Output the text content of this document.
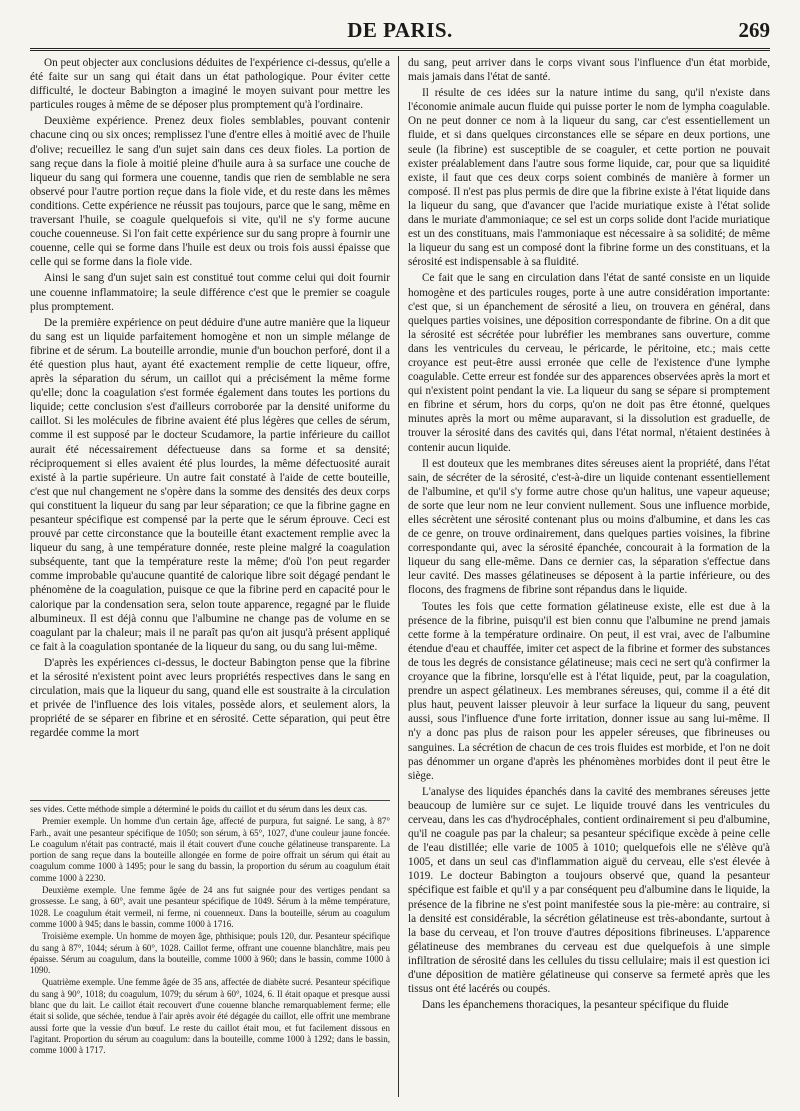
DE PARIS.	269

On peut objecter aux conclusions déduites de l'expérience ci-dessus, qu'elle a été faite sur un sang qui était dans un état pathologique. Pour éviter cette difficulté, le docteur Babington a imaginé le moyen suivant pour mettre les particules rouges à même de se déposer plus promptement qu'à l'ordinaire.

Deuxième expérience. Prenez deux fioles semblables, pouvant contenir chacune cinq ou six onces; remplissez l'une d'entre elles à moitié avec de l'huile d'olive; recueillez le sang d'un sujet sain dans ces deux fioles. La portion de sang reçue dans la fiole à moitié pleine d'huile aura à sa surface une couche de liqueur du sang qui formera une couenne, tandis que rien de semblable ne sera observé pour l'autre portion reçue dans la fiole vide, et du reste dans les mêmes conditions. Cette expérience ne réussit pas toujours, parce que le sang, même en traversant l'huile, se coagule quelquefois si vite, qu'il ne s'y forme aucune couche couenneuse. Si l'on fait cette expérience sur du sang propre à fournir une couenne, celle qui se forme dans l'huile est deux ou trois fois aussi épaisse que celle qui se forme dans la fiole vide.

Ainsi le sang d'un sujet sain est constitué tout comme celui qui doit fournir une couenne inflammatoire; la seule différence c'est que le premier se coagule plus promptement.

De la première expérience on peut déduire d'une autre manière que la liqueur du sang est un liquide parfaitement homogène et non un simple mélange de fibrine et de sérum. La bouteille arrondie, munie d'un bouchon perforé, dont il a été question plus haut, ayant été exactement remplie de cette liqueur, offre, après la séparation du sérum, un caillot qui a précisément la même forme qu'elle; donc la coagulation s'est formée également dans toutes les portions du liquide; cette conclusion s'est d'ailleurs corroborée par la densité uniforme du caillot. Si les molécules de fibrine avaient été plus légères que celles de sérum, comme il est supposé par le docteur Scudamore, la partie inférieure du caillot aurait été nécessairement défectueuse dans sa forme et sa densité; réciproquement si elles avaient été plus lourdes, la même défectuosité aurait existé à la partie supérieure. Un autre fait constaté à l'aide de cette bouteille, c'est que nul changement ne s'opère dans la somme des densités des deux corps qui constituent la liqueur du sang par leur séparation; ce que la fibrine gagne en pesanteur spécifique est compensé par la perte que le sérum éprouve. Ceci est prouvé par cette circonstance que la bouteille étant exactement remplie avec la liqueur du sang, à une température donnée, reste pleine malgré la coagulation subséquente, tant que la température reste la même; d'où l'on peut regarder comme improbable qu'aucune quantité de calorique libre soit dégagé pendant le phénomène de la coagulation, puisque ce que la fibrine perd en capacité pour le calorique par la condensation sera, selon toute apparence, regagné par le fluide albumineux. Il est déjà connu que l'albumine ne change pas de volume en se coagulant par la chaleur; mais il ne paraît pas qu'on ait jusqu'à présent appliqué ce fait à la coagulation spontanée de la liqueur du sang, ou du sang lui-même.

D'après les expériences ci-dessus, le docteur Babington pense que la fibrine et la sérosité n'existent point avec leurs propriétés respectives dans le sang en circulation, mais que la liqueur du sang, quand elle est soustraite à la circulation et privée de l'influence des lois vitales, possède alors, et seulement alors, la propriété de se séparer en fibrine et en sérosité. Cette séparation, qui peut être regardée comme la mort

ses vides. Cette méthode simple a déterminé le poids du caillot et du sérum dans les deux cas.

Premier exemple. Un homme d'un certain âge, affecté de purpura, fut saigné. Le sang, à 87° Farh., avait une pesanteur spécifique de 1050; son sérum, à 65°, 1027, d'une couleur jaune foncée. Le coagulum n'était pas contracté, mais il était couvert d'une couche gélatineuse transparente. La portion de sang reçue dans la bouteille allongée en forme de poire offrait un sérum qui était au coagulum comme 1000 à 1495; pour le sang du bassin, la proportion du sérum au coagulum était comme 1000 à 2230.

Deuxième exemple. Une femme âgée de 24 ans fut saignée pour des vertiges pendant sa grossesse. Le sang, à 60°, avait une pesanteur spécifique de 1049. Sérum à la même température, 1028. Le coagulum était vermeil, ni ferme, ni couenneux. Dans la bouteille, sérum au coagulum comme 1000 à 945; dans le bassin, comme 1000 à 1716.

Troisième exemple. Un homme de moyen âge, phthisique; pouls 120, dur. Pesanteur spécifique du sang à 87°, 1044; sérum à 60°, 1028. Caillot ferme, offrant une couenne blanchâtre, mais peu épaisse. Sérum au coagulum, dans la bouteille, comme 1000 à 960; dans le bassin, comme 1000 à 1090.

Quatrième exemple. Une femme âgée de 35 ans, affectée de diabète sucré. Pesanteur spécifique du sang à 90°, 1018; du coagulum, 1079; du sérum à 60°, 1024, 6. Il était opaque et presque aussi blanc que du lait. Le caillot était recouvert d'une couenne blanche remarquablement ferme; elle était si solide, que séchée, tendue à l'air après avoir été dégagée du caillot, elle offrit une membrane aussi forte que la vessie d'un bœuf. Le reste du caillot était mou, et fut facilement dissous en l'agitant. Proportion du sérum au coagulum: dans la bouteille, comme 1000 à 1292; dans le bassin, comme 1000 à 1717.

du sang, peut arriver dans le corps vivant sous l'influence d'un état morbide, mais jamais dans l'état de santé.

Il résulte de ces idées sur la nature intime du sang, qu'il n'existe dans l'économie animale aucun fluide qui puisse porter le nom de lympha coagulable. On ne peut donner ce nom à la liqueur du sang, car c'est essentiellement un fluide, et si dans quelques circonstances elle se sépare en deux portions, une seule (la fibrine) est susceptible de se coaguler, et cette portion ne pouvait exister préalablement dans l'autre sous forme liquide, car, pour que sa liquidité existe, il faut que ces deux corps soient combinés de manière à former un composé. Il n'est pas plus permis de dire que la fibrine existe à l'état liquide dans la liqueur du sang, que d'avancer que l'acide muriatique existe à l'état solide dans le muriate d'ammoniaque; ce sel est un corps solide dont l'acide muriatique est un des constituans, mais l'ammoniaque est nécessaire à sa solidité; de même la liqueur du sang est un composé dont la fibrine forme un des constituans, et la sérosité est indispensable à sa fluidité.

Ce fait que le sang en circulation dans l'état de santé consiste en un liquide homogène et des particules rouges, porte à une autre considération importante: c'est que, si un épanchement de sérosité a lieu, on trouvera en général, dans quelques parties voisines, une déposition correspondante de fibrine. On a dit que la sérosité est sécrétée pour lubréfier les membranes sans ouverture, comme dans les ventricules du cerveau, le péricarde, le péritoine, etc.; mais cette croyance est peut-être aussi erronée que celle de l'existence d'une lymphe coagulable. Cette erreur est fondée sur des apparences observées après la mort et qui n'existent point pendant la vie. La liqueur du sang se sépare si promptement en fibrine et sérum, hors du corps, qu'on ne doit pas être étonné, quelques minutes après la mort ou même auparavant, si la dissolution est graduelle, de trouver la sérosité dans des cavités qui, dans l'état normal, n'étaient destinées à contenir aucun liquide.

Il est douteux que les membranes dites séreuses aient la propriété, dans l'état sain, de sécréter de la sérosité, c'est-à-dire un liquide contenant essentiellement de l'albumine, et qu'il s'y forme autre chose qu'un halitus, une vapeur aqueuse; de sorte que leur nom ne leur convient nullement. Sous une influence morbide, elles sécrètent une sérosité contenant plus ou moins d'albumine, et dans les cas de ce genre, on trouve ordinairement, dans quelques parties voisines, la fibrine correspondante qui, avec la sérosité épanchée, concourait à la formation de la liqueur du sang elle-même. Dans ce dernier cas, la séparation s'effectue dans leur cavité. Des masses gélatineuses se déposent à la partie inférieure, ou des flocons, des fragmens de fibrine sont répandus dans le liquide.

Toutes les fois que cette formation gélatineuse existe, elle est due à la présence de la fibrine, puisqu'il est bien connu que l'albumine ne prend jamais cette forme à la température ordinaire. On peut, il est vrai, avec de l'albumine étendue d'eau et chauffée, imiter cet aspect de la fibrine et former des substances de tous les degrés de consistance gélatineuse; mais ceci ne sert qu'à confirmer la croyance que la fibrine, lorsqu'elle est à l'état liquide, peut, par la coagulation, prendre un aspect gélatineux. Les membranes séreuses, qui, comme il a été dit plus haut, peuvent laisser pleuvoir à leur surface la liqueur du sang, peuvent aussi, sous l'influence d'une forte irritation, donner issue au sang lui-même. Il n'y a donc pas plus de raison pour les appeler séreuses, que fibrineuses ou sanguines. La sécrétion de chacun de ces trois fluides est morbide, et l'on ne doit pas dénommer un organe d'après les phénomènes morbides dont il peut être le siège.

L'analyse des liquides épanchés dans la cavité des membranes séreuses jette beaucoup de lumière sur ce sujet. Le liquide trouvé dans les ventricules du cerveau, dans les cas d'hydrocéphales, contient ordinairement si peu d'albumine, qu'il ne coagule pas par la chaleur; sa pesanteur spécifique excède à peine celle de l'eau distillée; elle varie de 1005 à 1010; quelquefois elle ne s'élève qu'à 1005, et dans un seul cas d'inflammation aiguë du cerveau, elle s'est élevée à 1019. Le docteur Babington a toujours observé que, quand la pesanteur spécifique est faible et qu'il y a par conséquent peu d'albumine dans le liquide, la présence de la fibrine ne s'est point manifestée sous la pie-mère: au contraire, si la densité est considérable, la sécrétion gélatineuse est très-abondante, surtout à la base du cerveau, et l'on trouve d'autres dépositions fibrineuses. L'apparence gélatineuse des membranes du cerveau est due quelquefois à une simple infiltration de sérosité dans les cellules du tissu cellulaire; mais il est question ici d'une déposition de matière gélatineuse qui conserve sa fermeté après que les tissus ont été lacérés ou coupés.

Dans les épanchemens thoraciques, la pesanteur spécifique du fluide
